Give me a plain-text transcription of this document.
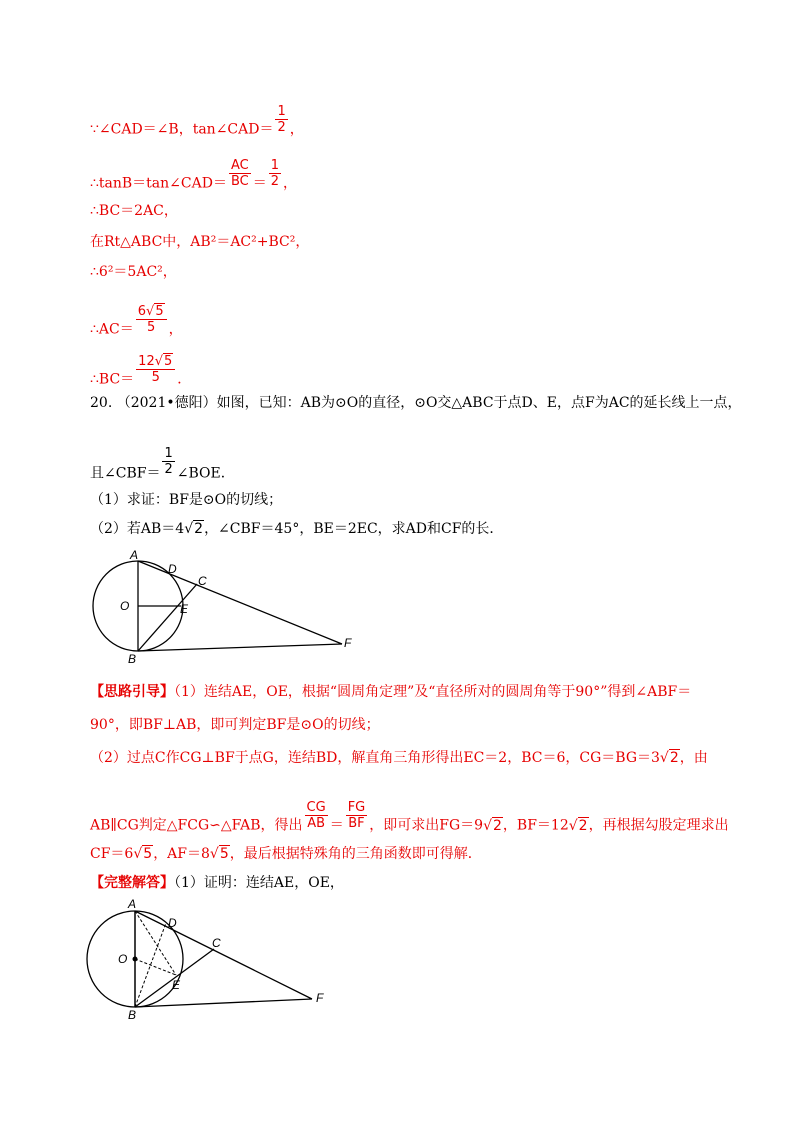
∵∠CAD＝∠B，tan∠CAD＝ $\frac{1}{2}$ ，
∴tanB＝tan∠CAD＝ $\frac{AC}{BC} = \frac{1}{2}$ ，
∴BC＝2AC，
在Rt△ABC中，AB²＝AC²+BC²，
∴6²＝5AC²，
∴AC＝ $\frac{6√5}{5}$ ，
∴BC＝ $\frac{12√5}{5}$ ．
20. （2021•德阳）如图，已知：AB为⊙O的直径，⊙O交△ABC于点D、E，点F为AC的延长线上一点，
且∠CBF＝ $\frac{1}{2}$ ∠BOE．
（1）求证：BF是⊙O的切线；
（2）若AB＝4√2，∠CBF＝45°，BE＝2EC，求AD和CF的长．
A
B
C
D
E
F
O
【思路引导】（1）连结AE，OE，根据“圆周角定理”及“直径所对的圆周角等于90°”得到∠ABF＝
90°，即BF⊥AB，即可判定BF是⊙O的切线；
（2）过点C作CG⊥BF于点G，连结BD，解直角三角形得出EC＝2，BC＝6，CG＝BG＝3√2，由
AB∥CG判定△FCG∽△FAB，得出 $\frac{CG}{AB} = \frac{FG}{BF}$ ，即可求出FG＝9√2，BF＝12√2，再根据勾股定理求出
CF＝6√5，AF＝8√5，最后根据特殊角的三角函数即可得解．
【完整解答】（1）证明：连结AE，OE，
A
B
C
D
E
F
O
